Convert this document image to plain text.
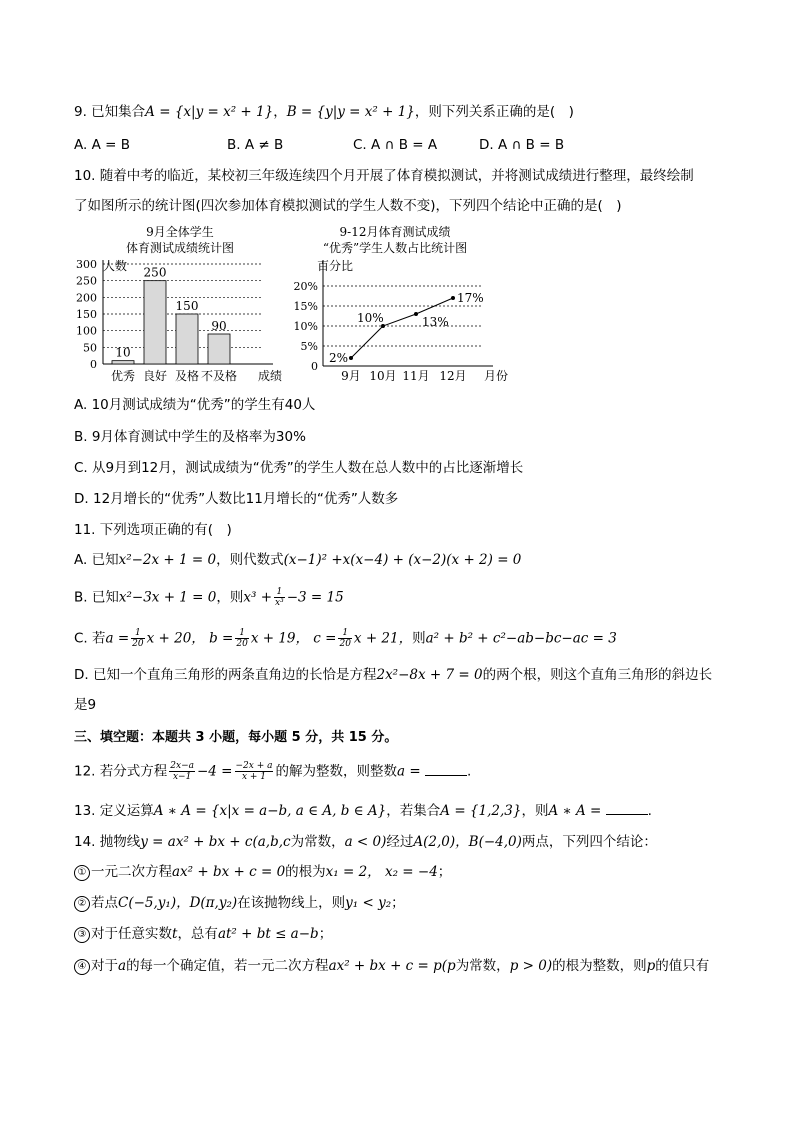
9. 已知集合A = {x|y = x² + 1}，B = {y|y = x² + 1}，则下列关系正确的是(　)
A. A = B	B. A ≠ B	C. A ∩ B = A	D. A ∩ B = B
10. 随着中考的临近，某校初三年级连续四个月开展了体育模拟测试，并将测试成绩进行整理，最终绘制
了如图所示的统计图(四次参加体育模拟测试的学生人数不变)，下列四个结论中正确的是(　)
9月全体学生
体育测试成绩统计图
人数
10
250
150
90
0
50
100
150
200
250
300
优秀 良好 及格 不及格 成绩
9-12月体育测试成绩
“优秀”学生人数占比统计图
百分比
0
5%
10%
15%
20%
2%
10%	13%
17%
9月 10月 11月 12月 月份
A. 10月测试成绩为“优秀”的学生有40人
B. 9月体育测试中学生的及格率为30%
C. 从9月到12月，测试成绩为“优秀”的学生人数在总人数中的占比逐渐增长
D. 12月增长的“优秀”人数比11月增长的“优秀”人数多
11. 下列选项正确的有(　)
A. 已知x²−2x + 1 = 0，则代数式(x−1)² +x(x−4) + (x−2)(x + 2) = 0
B. 已知x²−3x + 1 = 0，则$x^3 + \frac{1}{\text{x³}} -3 = 15$
C. 若$a = \frac{1}{20}$ x + 20， $b = \frac{1}{20}$ x + 19， $c = \frac{1}{20}$ x + 21，则a² + b² + c²−ab−bc−ac = 3
D. 已知一个直角三角形的两条直角边的长恰是方程2x²−8x + 7 = 0的两个根，则这个直角三角形的斜边长
是9
三、填空题：本题共 3 小题，每小题 5 分，共 15 分。
12. 若分式方程 $\frac{2x-a}{x-1} -4 = \frac{-2x + a}{x + 1}$ 的解为整数，则整数a =	.
13. 定义运算A ∗ A = {x|x = a−b, a ∈ A, b ∈ A}，若集合A = {1,2,3}，则A ∗ A =	.
14. 抛物线y = ax² + bx + c(a,b,c为常数，a < 0)经过A(2,0)，B(−4,0)两点，下列四个结论：
① 一元二次方程ax² + bx + c = 0的根为x₁ = 2， x₂ = −4；
② 若点C(−5,y₁)，D(π,y₂)在该抛物线上，则y₁ < y₂；
③ 对于任意实数t，总有at² + bt ≤ a−b；
④ 对于a的每一个确定值，若一元二次方程ax² + bx + c = p(p为常数，p > 0)的根为整数，则p的值只有
